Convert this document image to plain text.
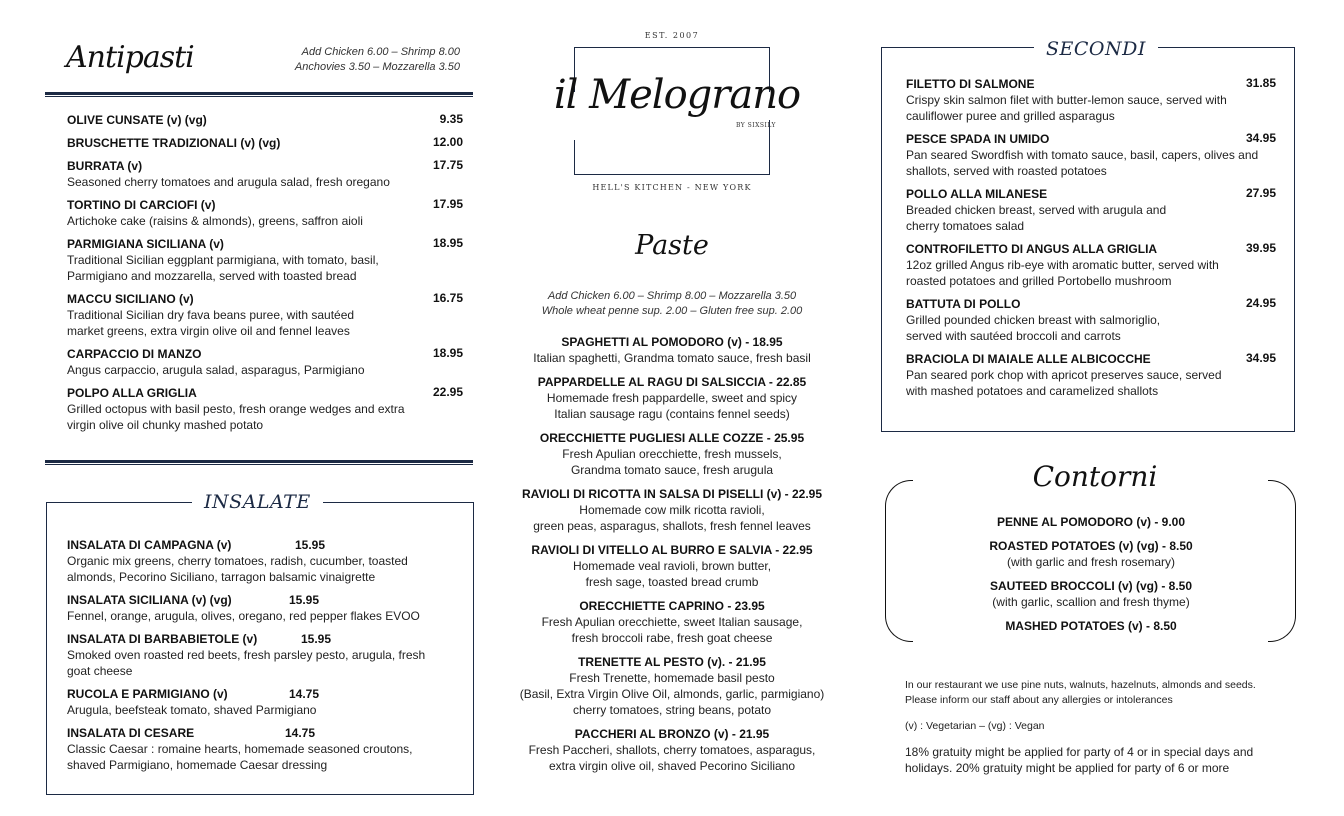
Antipasti	Add Chicken 6.00 – Shrimp 8.00
Anchovies 3.50 – Mozzarella 3.50
OLIVE CUNSATE (v) (vg)	9.35
BRUSCHETTE TRADIZIONALI (v) (vg)	12.00
BURRATA (v)	17.75
Seasoned cherry tomatoes and arugula salad, fresh oregano
TORTINO DI CARCIOFI (v)	17.95
Artichoke cake (raisins & almonds), greens, saffron aioli
PARMIGIANA SICILIANA (v)	18.95
Traditional Sicilian eggplant parmigiana, with tomato, basil, Parmigiano and mozzarella, served with toasted bread
MACCU SICILIANO (v)	16.75
Traditional Sicilian dry fava beans puree, with sautéed market greens, extra virgin olive oil and fennel leaves
CARPACCIO DI MANZO	18.95
Angus carpaccio, arugula salad, asparagus, Parmigiano
POLPO ALLA GRIGLIA	22.95
Grilled octopus with basil pesto, fresh orange wedges and extra virgin olive oil chunky mashed potato
INSALATE
INSALATA DI CAMPAGNA (v)	15.95
Organic mix greens, cherry tomatoes, radish, cucumber, toasted almonds, Pecorino Siciliano, tarragon balsamic vinaigrette
INSALATA SICILIANA (v) (vg)	15.95
Fennel, orange, arugula, olives, oregano, red pepper flakes EVOO
INSALATA DI BARBABIETOLE (v)	15.95
Smoked oven roasted red beets, fresh parsley pesto, arugula, fresh goat cheese
RUCOLA E PARMIGIANO (v)	14.75
Arugula, beefsteak tomato, shaved Parmigiano
INSALATA DI CESARE	14.75
Classic Caesar : romaine hearts, homemade seasoned croutons, shaved Parmigiano, homemade Caesar dressing
EST. 2007
il Melograno
BY SIXSILY
HELL'S KITCHEN - NEW YORK
Paste
Add Chicken 6.00 – Shrimp 8.00 – Mozzarella 3.50
Whole wheat penne sup. 2.00 – Gluten free sup. 2.00
SPAGHETTI AL POMODORO (v) - 18.95
Italian spaghetti, Grandma tomato sauce, fresh basil
PAPPARDELLE AL RAGU DI SALSICCIA - 22.85
Homemade fresh pappardelle, sweet and spicy
Italian sausage ragu (contains fennel seeds)
ORECCHIETTE PUGLIESI ALLE COZZE - 25.95
Fresh Apulian orecchiette, fresh mussels,
Grandma tomato sauce, fresh arugula
RAVIOLI DI RICOTTA IN SALSA DI PISELLI (v) - 22.95
Homemade cow milk ricotta ravioli,
green peas, asparagus, shallots, fresh fennel leaves
RAVIOLI DI VITELLO AL BURRO E SALVIA - 22.95
Homemade veal ravioli, brown butter,
fresh sage, toasted bread crumb
ORECCHIETTE CAPRINO - 23.95
Fresh Apulian orecchiette, sweet Italian sausage,
fresh broccoli rabe, fresh goat cheese
TRENETTE AL PESTO (v). - 21.95
Fresh Trenette, homemade basil pesto
(Basil, Extra Virgin Olive Oil, almonds, garlic, parmigiano)
cherry tomatoes, string beans, potato
PACCHERI AL BRONZO (v) - 21.95
Fresh Paccheri, shallots, cherry tomatoes, asparagus,
extra virgin olive oil, shaved Pecorino Siciliano
SECONDI
FILETTO DI SALMONE	31.85
Crispy skin salmon filet with butter-lemon sauce, served with cauliflower puree and grilled asparagus
PESCE SPADA IN UMIDO	34.95
Pan seared Swordfish with tomato sauce, basil, capers, olives and shallots, served with roasted potatoes
POLLO ALLA MILANESE	27.95
Breaded chicken breast, served with arugula and cherry tomatoes salad
CONTROFILETTO DI ANGUS ALLA GRIGLIA	39.95
12oz grilled Angus rib-eye with aromatic butter, served with roasted potatoes and grilled Portobello mushroom
BATTUTA DI POLLO	24.95
Grilled pounded chicken breast with salmoriglio, served with sautéed broccoli and carrots
BRACIOLA DI MAIALE ALLE ALBICOCCHE	34.95
Pan seared pork chop with apricot preserves sauce, served with mashed potatoes and caramelized shallots
Contorni
PENNE AL POMODORO (v) - 9.00
ROASTED POTATOES (v) (vg) - 8.50
(with garlic and fresh rosemary)
SAUTEED BROCCOLI (v) (vg) - 8.50
(with garlic, scallion and fresh thyme)
MASHED POTATOES (v) - 8.50
In our restaurant we use pine nuts, walnuts, hazelnuts, almonds and seeds. Please inform our staff about any allergies or intolerances
(v) : Vegetarian – (vg) : Vegan
18% gratuity might be applied for party of 4 or in special days and holidays. 20% gratuity might be applied for party of 6 or more
